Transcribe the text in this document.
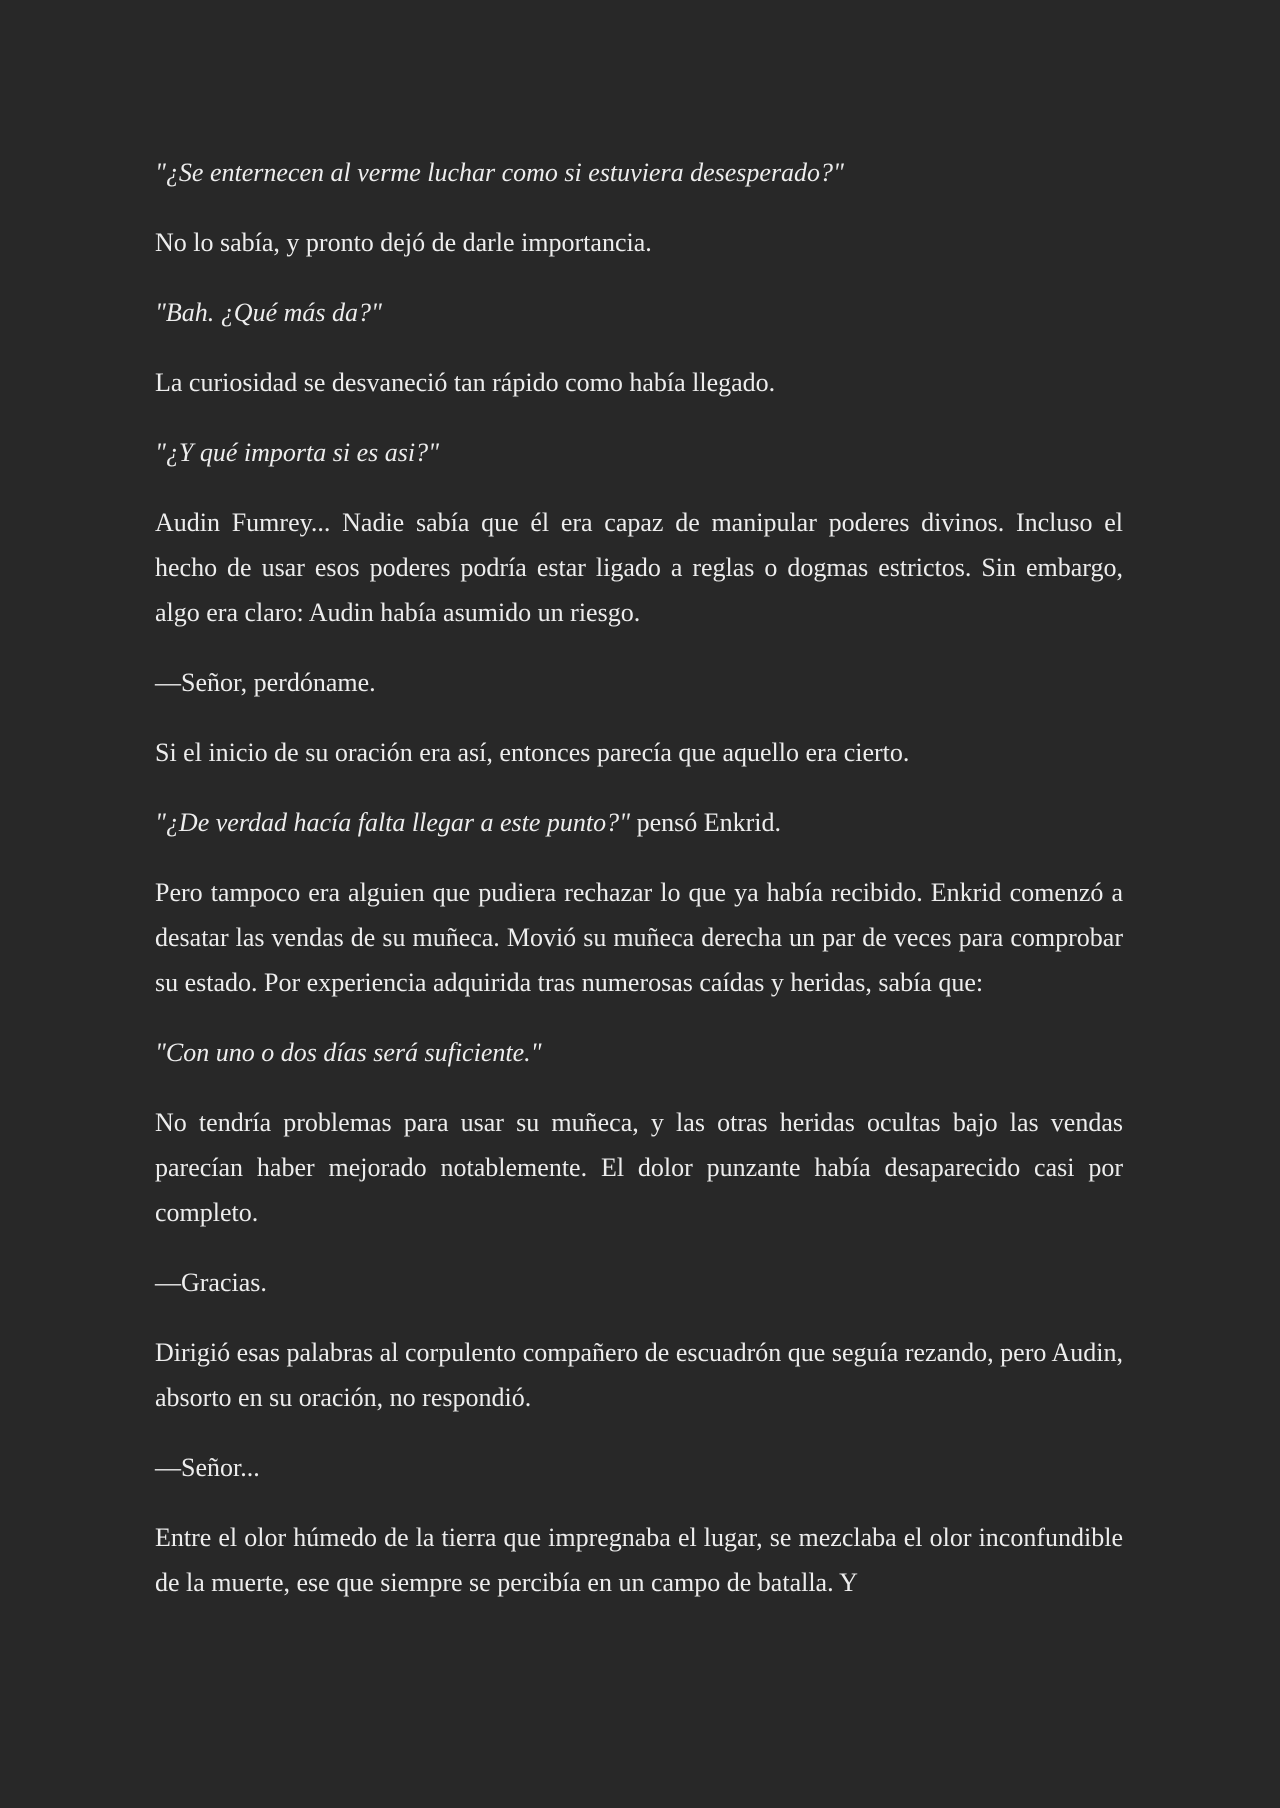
"¿Se enternecen al verme luchar como si estuviera desesperado?"

No lo sabía, y pronto dejó de darle importancia.

"Bah. ¿Qué más da?"

La curiosidad se desvaneció tan rápido como había llegado.

"¿Y qué importa si es asi?"

Audin Fumrey... Nadie sabía que él era capaz de manipular poderes divinos. Incluso el hecho de usar esos poderes podría estar ligado a reglas o dogmas estrictos. Sin embargo, algo era claro: Audin había asumido un riesgo.

—Señor, perdóname.

Si el inicio de su oración era así, entonces parecía que aquello era cierto.

"¿De verdad hacía falta llegar a este punto?" pensó Enkrid.

Pero tampoco era alguien que pudiera rechazar lo que ya había recibido. Enkrid comenzó a desatar las vendas de su muñeca. Movió su muñeca derecha un par de veces para comprobar su estado. Por experiencia adquirida tras numerosas caídas y heridas, sabía que:

"Con uno o dos días será suficiente."

No tendría problemas para usar su muñeca, y las otras heridas ocultas bajo las vendas parecían haber mejorado notablemente. El dolor punzante había desaparecido casi por completo.

—Gracias.

Dirigió esas palabras al corpulento compañero de escuadrón que seguía rezando, pero Audin, absorto en su oración, no respondió.

—Señor...

Entre el olor húmedo de la tierra que impregnaba el lugar, se mezclaba el olor inconfundible de la muerte, ese que siempre se percibía en un campo de batalla. Y
